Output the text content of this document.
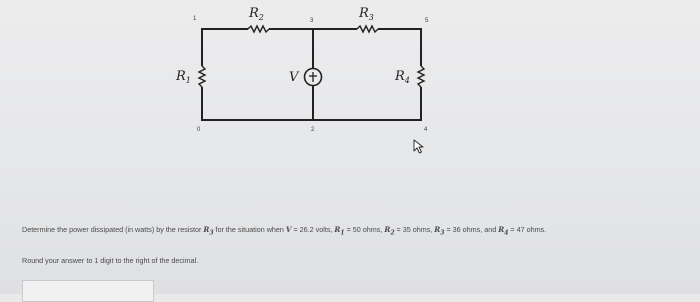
1	3	5
0	2	4
$R_2$	$R_3$
$R_1$	V	$R_4$
Determine the power dissipated (in watts) by the resistor $R_3$ for the situation when V = 26.2 volts, $R_1 = 50$ ohms, $R_2 = 35$ ohms, $R_3 = 36$ ohms, and $R_4 = 47$ ohms.
Round your answer to 1 digit to the right of the decimal.
